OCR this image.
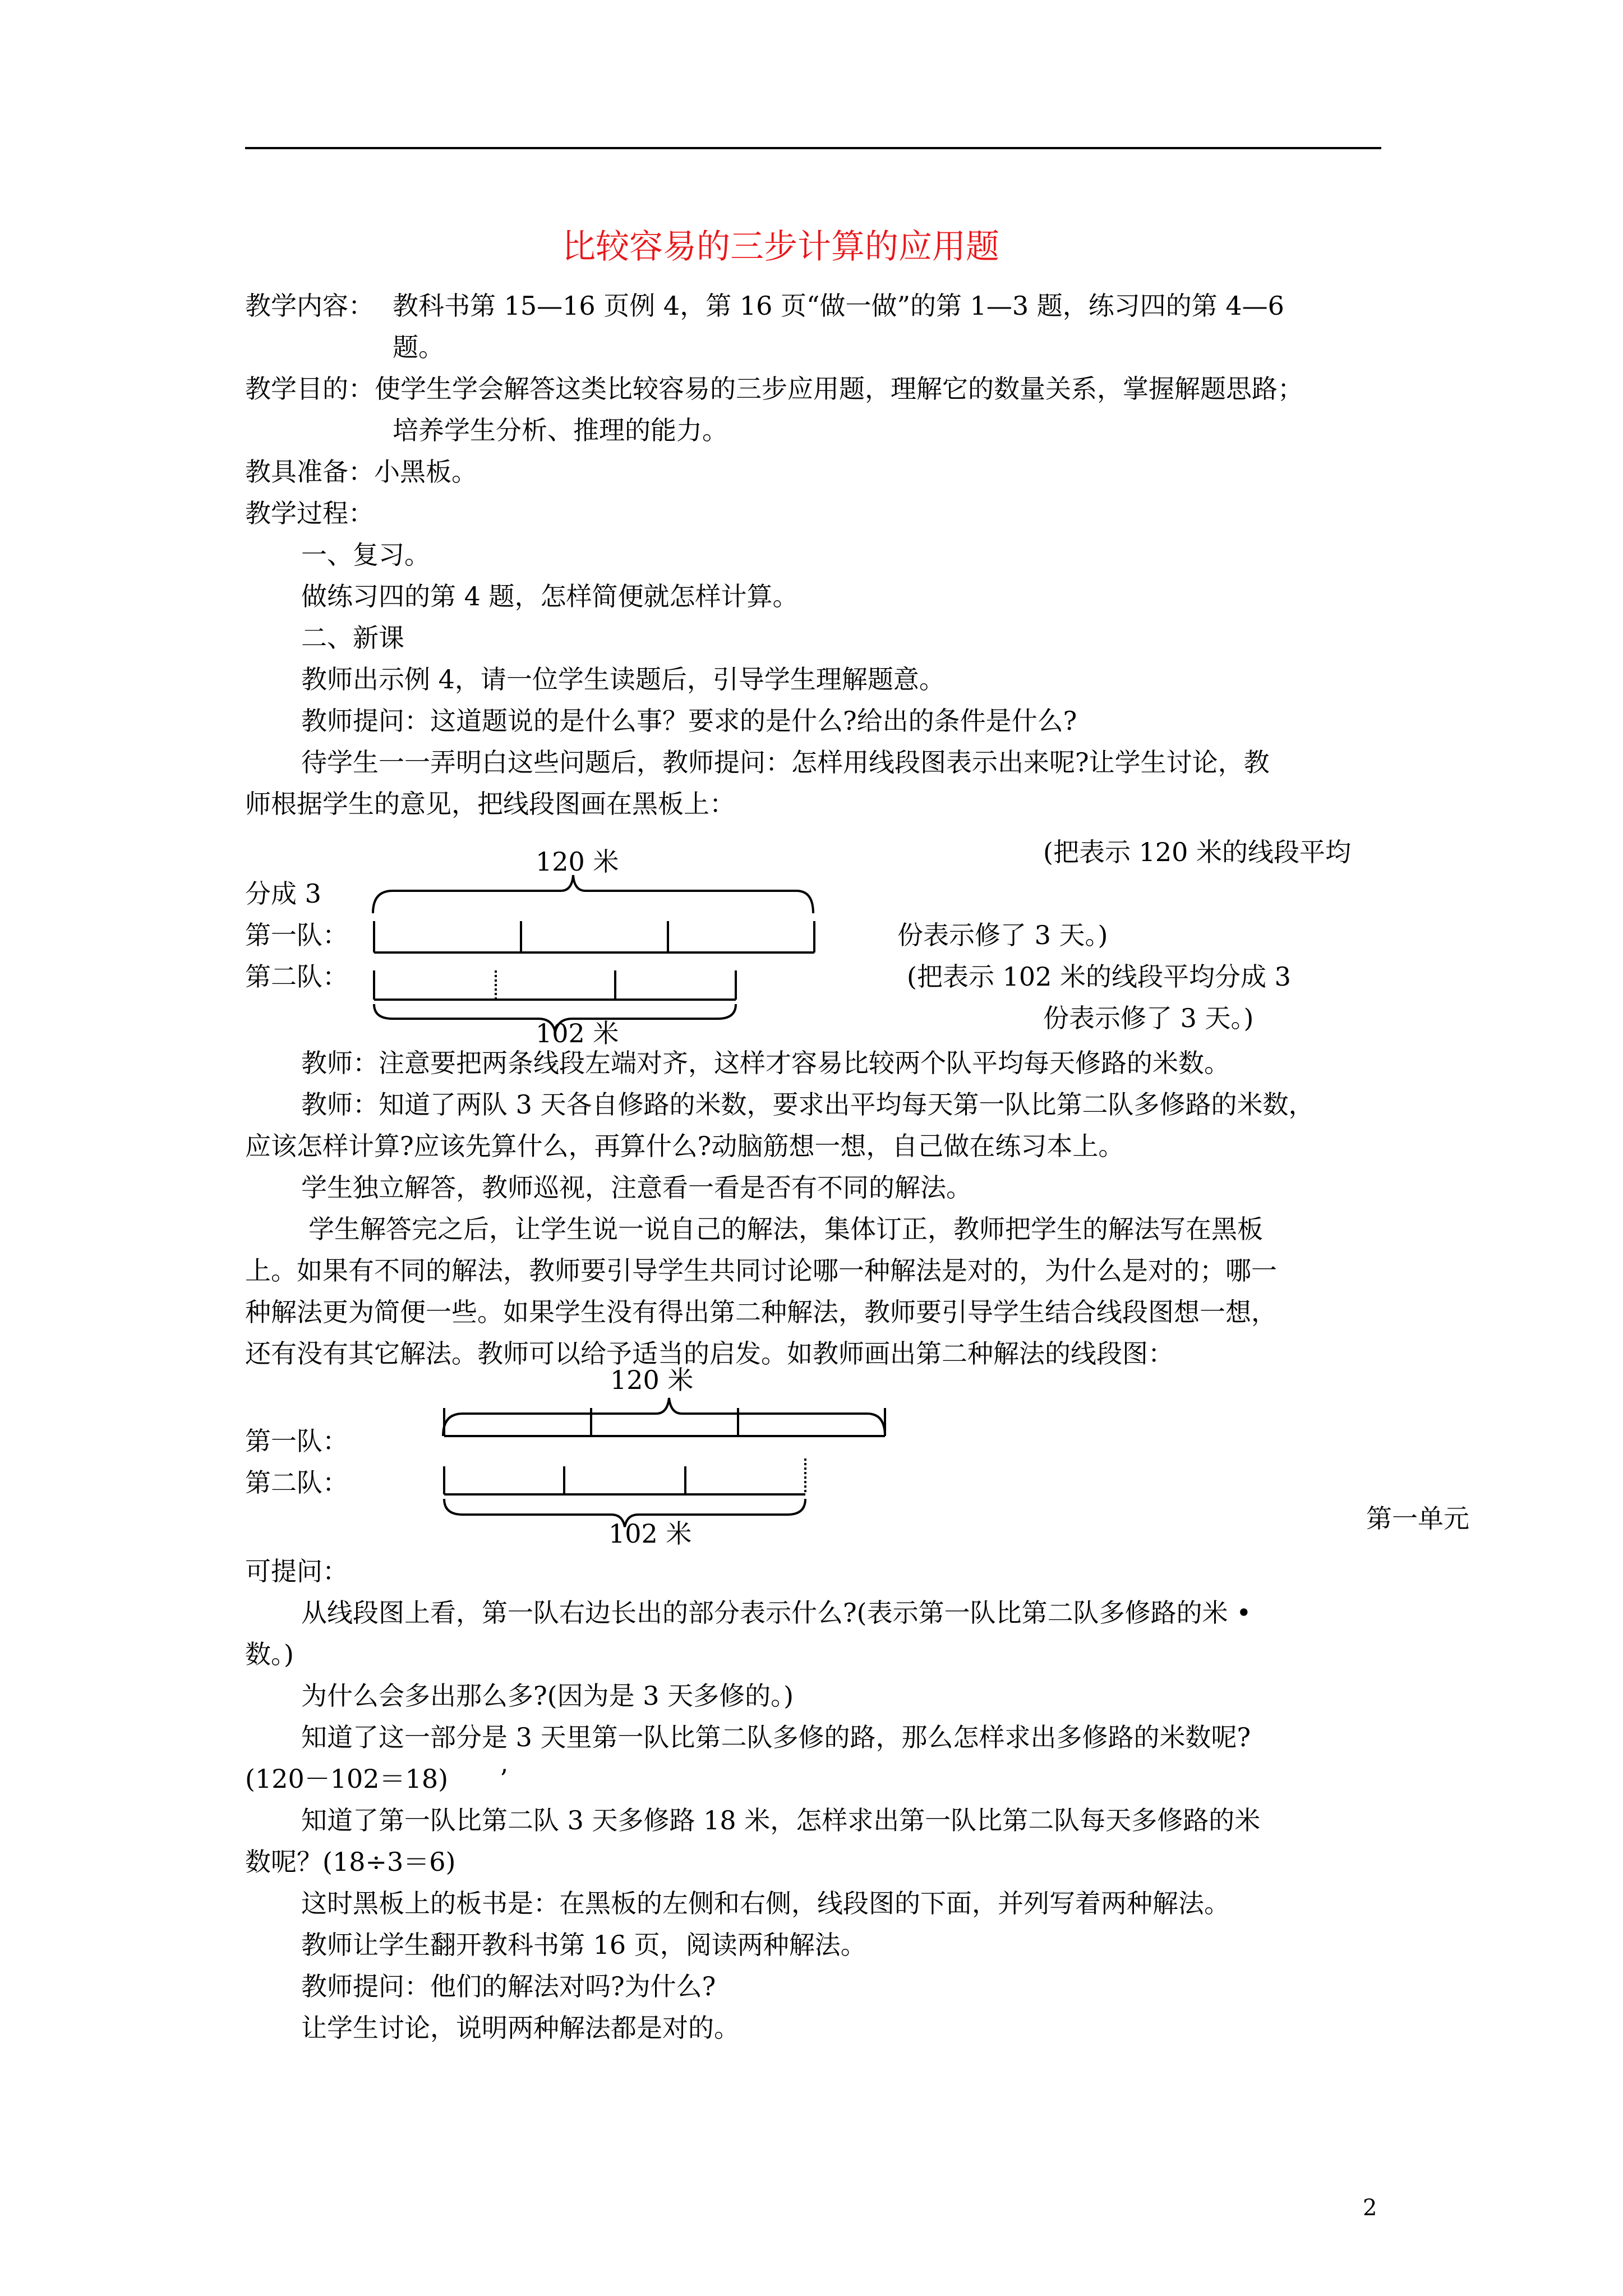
比较容易的三步计算的应用题
教学内容： 教科书第 15—16 页例 4，第 16 页“做一做”的第 1—3 题，练习四的第 4—6
题。
教学目的： 使学生学会解答这类比较容易的三步应用题，理解它的数量关系，掌握解题思路；
培养学生分析、推理的能力。
教具准备：小黑板。
教学过程：
一、复习。
做练习四的第 4 题，怎样简便就怎样计算。
二、新课
教师出示例 4，请一位学生读题后，引导学生理解题意。
教师提问：这道题说的是什么事？要求的是什么?给出的条件是什么?
待学生一一弄明白这些问题后，教师提问：怎样用线段图表示出来呢?让学生讨论，教
师根据学生的意见，把线段图画在黑板上：
120 米	(把表示 120 米的线段平均
分成 3
第一队：	份表示修了 3 天。)
第二队：	(把表示 102 米的线段平均分成 3
份表示修了 3 天。)
102 米
教师：注意要把两条线段左端对齐，这样才容易比较两个队平均每天修路的米数。
教师：知道了两队 3 天各自修路的米数，要求出平均每天第一队比第二队多修路的米数，
应该怎样计算?应该先算什么，再算什么?动脑筋想一想，自己做在练习本上。
学生独立解答，教师巡视，注意看一看是否有不同的解法。
学生解答完之后，让学生说一说自己的解法，集体订正，教师把学生的解法写在黑板
上。如果有不同的解法，教师要引导学生共同讨论哪一种解法是对的，为什么是对的；哪一
种解法更为简便一些。如果学生没有得出第二种解法，教师要引导学生结合线段图想一想，
还有没有其它解法。教师可以给予适当的启发。如教师画出第二种解法的线段图：
120 米
第一队：
第二队：
102 米	第一单元
可提问：
从线段图上看，第一队右边长出的部分表示什么?(表示第一队比第二队多修路的米 •
数。)
为什么会多出那么多?(因为是 3 天多修的。)
知道了这一部分是 3 天里第一队比第二队多修的路，那么怎样求出多修路的米数呢?
(120－102＝18)　　’
知道了第一队比第二队 3 天多修路 18 米，怎样求出第一队比第二队每天多修路的米
数呢？(18÷3＝6)
这时黑板上的板书是：在黑板的左侧和右侧，线段图的下面，并列写着两种解法。
教师让学生翻开教科书第 16 页，阅读两种解法。
教师提问：他们的解法对吗?为什么?
让学生讨论，说明两种解法都是对的。
2
